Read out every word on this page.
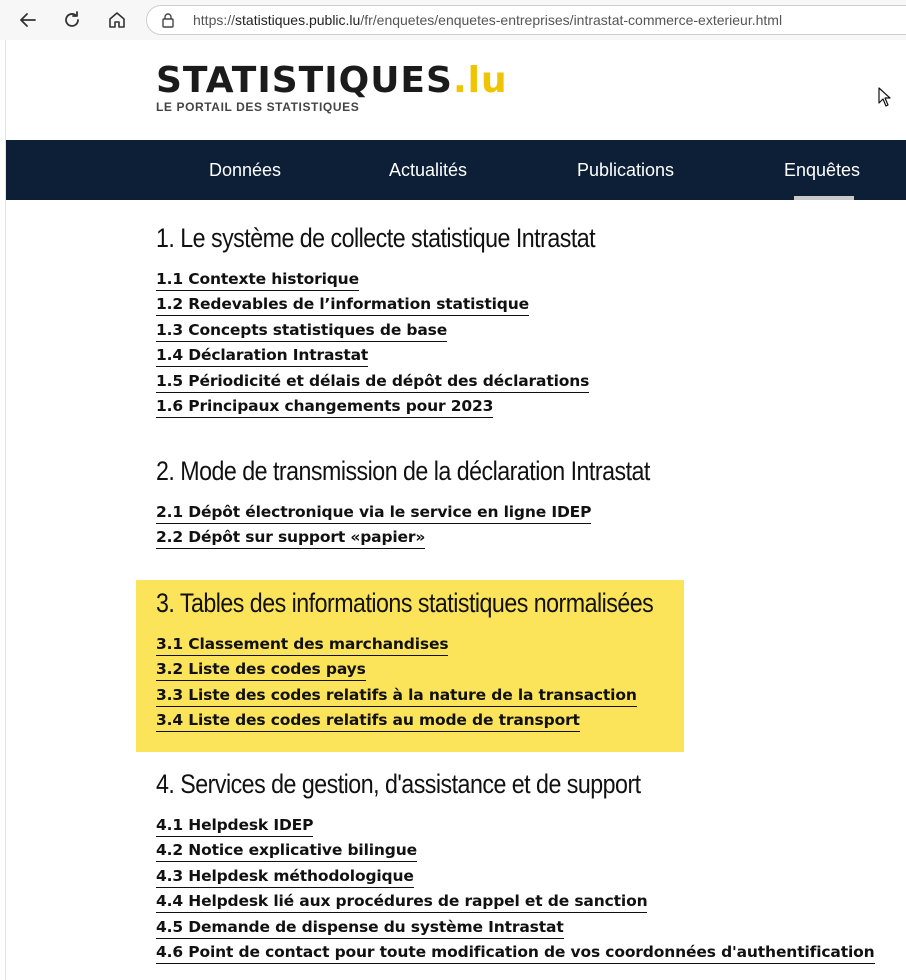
https://statistiques.public.lu/fr/enquetes/enquetes-entreprises/intrastat-commerce-exterieur.html
STATISTIQUES.lu
LE PORTAIL DES STATISTIQUES
Données	Actualités	Publications	Enquêtes
1. Le système de collecte statistique Intrastat
1.1 Contexte historique
1.2 Redevables de l’information statistique
1.3 Concepts statistiques de base
1.4 Déclaration Intrastat
1.5 Périodicité et délais de dépôt des déclarations
1.6 Principaux changements pour 2023
2. Mode de transmission de la déclaration Intrastat
2.1 Dépôt électronique via le service en ligne IDEP
2.2 Dépôt sur support «papier»
3. Tables des informations statistiques normalisées
3.1 Classement des marchandises
3.2 Liste des codes pays
3.3 Liste des codes relatifs à la nature de la transaction
3.4 Liste des codes relatifs au mode de transport
4. Services de gestion, d'assistance et de support
4.1 Helpdesk IDEP
4.2 Notice explicative bilingue
4.3 Helpdesk méthodologique
4.4 Helpdesk lié aux procédures de rappel et de sanction
4.5 Demande de dispense du système Intrastat
4.6 Point de contact pour toute modification de vos coordonnées d'authentification
